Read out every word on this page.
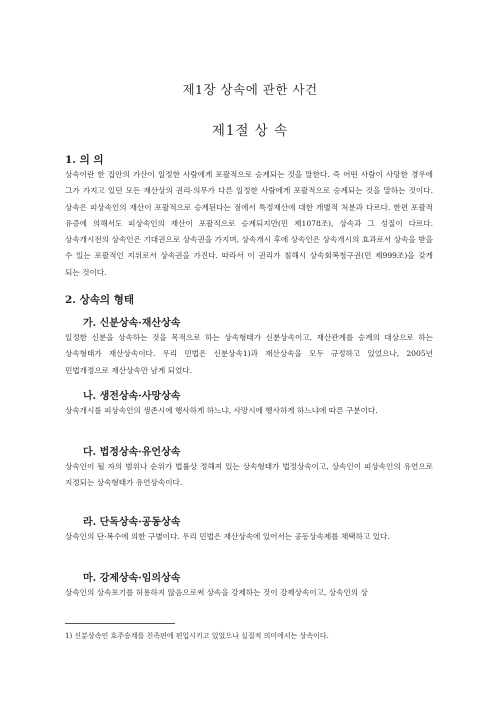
제1장 상속에 관한 사건
제1절 상 속
1. 의 의
상속이란 한 집안의 가산이 일정한 사람에게 포괄적으로 승계되는 것을 말한다. 즉 어떤 사람이 사망한 경우에 그가 가지고 있던 모든 재산상의 권리·의무가 다른 일정한 사람에게 포괄적으로 승계되는 것을 말하는 것이다. 상속은 피상속인의 재산이 포괄적으로 승계된다는 점에서 특정재산에 대한 개별적 처분과 다르다. 한편 포괄적 유증에 의해서도 피상속인의 재산이 포괄적으로 승계되지만(민 제1078조), 상속과 그 성질이 다르다. 상속개시전의 상속인은 기대권으로 상속권을 가지며, 상속개시 후에 상속인은 상속개시의 효과로서 상속을 받을 수 있는 포괄적인 지위로서 상속권을 가진다. 따라서 이 권리가 침해시 상속회복청구권(민 제999조)을 갖게 되는 것이다.
2. 상속의 형태
가. 신분상속·재산상속
일정한 신분을 상속하는 것을 목적으로 하는 상속형태가 신분상속이고, 재산관계를 승계의 대상으로 하는 상속형태가 재산상속이다. 우리 민법은 신분상속1)과 재산상속을 모두 규정하고 있었으나, 2005년 민법개정으로 재산상속만 남게 되었다.
나. 생전상속·사망상속
상속개시를 피상속인의 생존시에 행사하게 하느냐, 사망시에 행사하게 하느냐에 따른 구분이다.
다. 법정상속·유언상속
상속인이 될 자의 범위나 순위가 법률상 정해져 있는 상속형태가 법정상속이고, 상속인이 피상속인의 유언으로 지정되는 상속형태가 유언상속이다.
라. 단독상속·공동상속
상속인의 단·복수에 의한 구별이다. 우리 민법은 재산상속에 있어서는 공동상속제를 채택하고 있다.
마. 강제상속·임의상속
상속인의 상속포기를 허용하지 않음으로써 상속을 강제하는 것이 강제상속이고, 상속인의 상
1) 신분상속인 호주승계를 친족편에 편입시키고 있었으나 실질적 의미에서는 상속이다.
